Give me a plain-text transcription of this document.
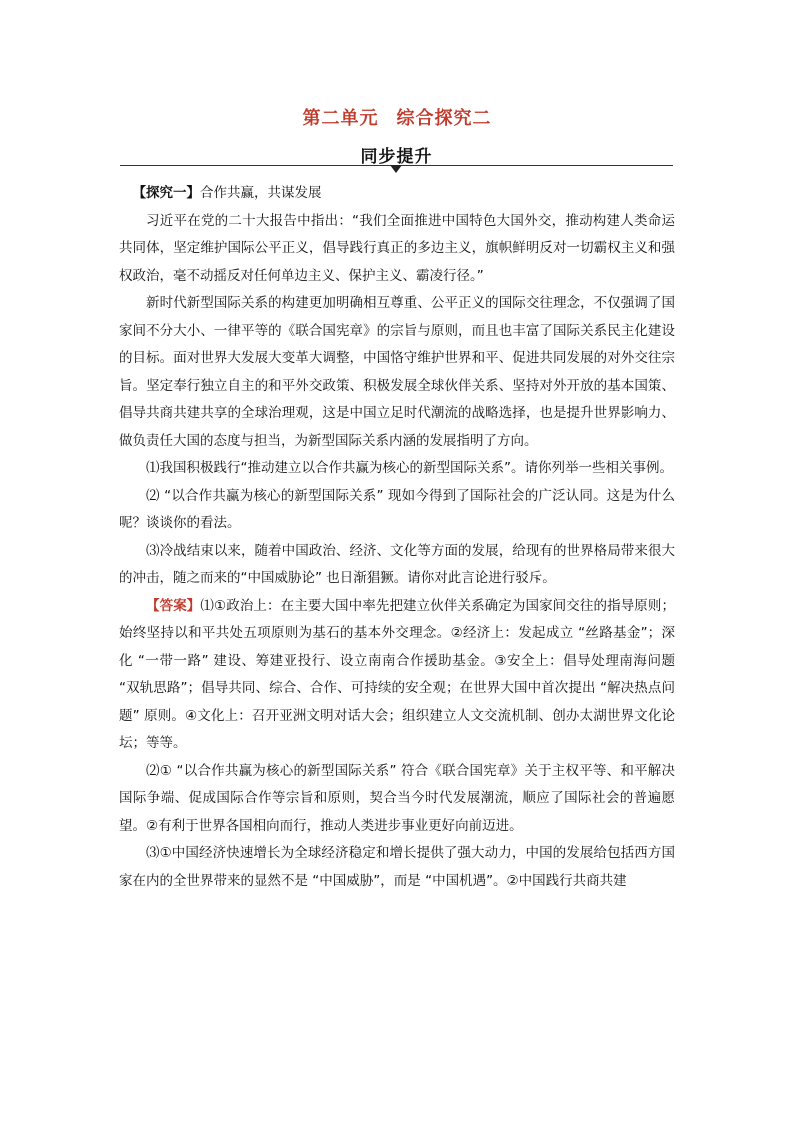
第二单元 综合探究二
同步提升

【探究一】合作共赢，共谋发展

习近平在党的二十大报告中指出：“我们全面推进中国特色大国外交，推动构建人类命运共同体，坚定维护国际公平正义，倡导践行真正的多边主义，旗帜鲜明反对一切霸权主义和强权政治，毫不动摇反对任何单边主义、保护主义、霸凌行径。”

新时代新型国际关系的构建更加明确相互尊重、公平正义的国际交往理念，不仅强调了国家间不分大小、一律平等的《联合国宪章》的宗旨与原则，而且也丰富了国际关系民主化建设的目标。面对世界大发展大变革大调整，中国恪守维护世界和平、促进共同发展的对外交往宗旨。坚定奉行独立自主的和平外交政策、积极发展全球伙伴关系、坚持对外开放的基本国策、倡导共商共建共享的全球治理观，这是中国立足时代潮流的战略选择，也是提升世界影响力、做负责任大国的态度与担当，为新型国际关系内涵的发展指明了方向。

⑴我国积极践行“推动建立以合作共赢为核心的新型国际关系”。请你列举一些相关事例。

⑵ “以合作共赢为核心的新型国际关系” 现如今得到了国际社会的广泛认同。这是为什么呢？谈谈你的看法。

⑶冷战结束以来，随着中国政治、经济、文化等方面的发展，给现有的世界格局带来很大的冲击，随之而来的“中国威胁论” 也日渐猖獗。请你对此言论进行驳斥。

【答案】⑴①政治上：在主要大国中率先把建立伙伴关系确定为国家间交往的指导原则；始终坚持以和平共处五项原则为基石的基本外交理念。②经济上：发起成立 “丝路基金”；深化 “一带一路” 建设、筹建亚投行、设立南南合作援助基金。③安全上：倡导处理南海问题 “双轨思路”；倡导共同、综合、合作、可持续的安全观；在世界大国中首次提出 “解决热点问题” 原则。④文化上：召开亚洲文明对话大会；组织建立人文交流机制、创办太湖世界文化论坛；等等。

⑵① “以合作共赢为核心的新型国际关系” 符合《联合国宪章》关于主权平等、和平解决国际争端、促成国际合作等宗旨和原则，契合当今时代发展潮流，顺应了国际社会的普遍愿望。②有利于世界各国相向而行，推动人类进步事业更好向前迈进。

⑶①中国经济快速增长为全球经济稳定和增长提供了强大动力，中国的发展给包括西方国家在内的全世界带来的显然不是 “中国威胁”，而是 “中国机遇”。②中国践行共商共建
